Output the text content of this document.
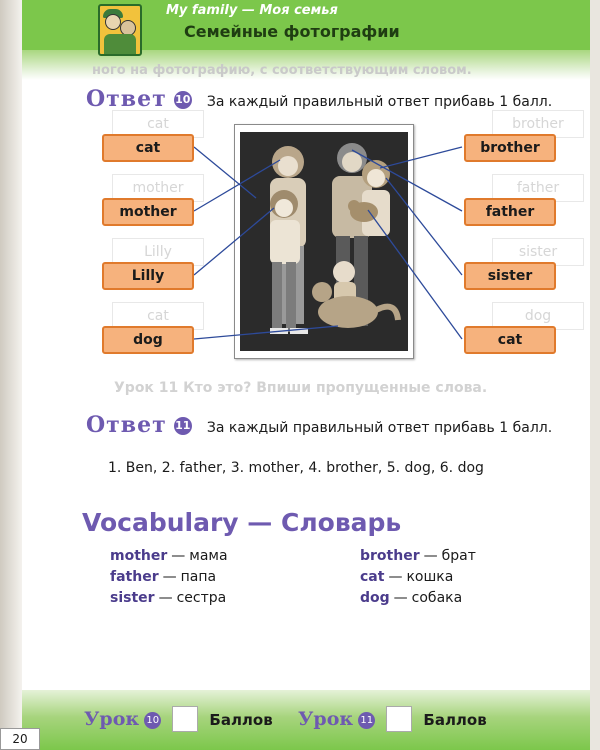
My family — Моя семья
Семейные фотографии
ного на фотографию, с соответствующим словом.
Ответ 10 За каждый правильный ответ прибавь 1 балл.
brother
father
sister
dog
cat
mother
Lilly
cat
cat
mother
Lilly
dog
brother
father
sister
cat
Урок 11 Кто это? Впиши пропущенные слова.
Ответ 11 За каждый правильный ответ прибавь 1 балл.
1. Ben, 2. father, 3. mother, 4. brother, 5. dog, 6. dog
Vocabulary — Словарь
mother — мама
father — папа
sister — сестра
brother — брат
cat — кошка
dog — собака
Урок 10	Баллов Урок 11	Баллов
20
